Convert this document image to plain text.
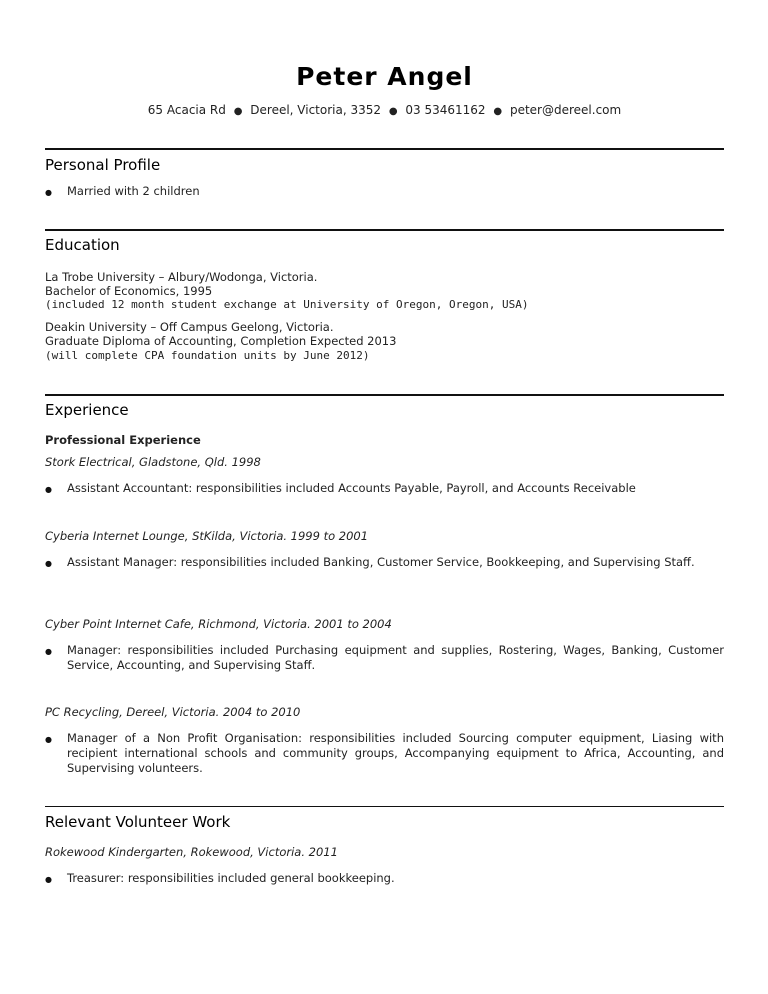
Peter Angel
65 Acacia Rd ● Dereel, Victoria, 3352 ● 03 53461162 ● peter@dereel.com
Personal Profile
● Married with 2 children
Education
La Trobe University – Albury/Wodonga, Victoria.
Bachelor of Economics, 1995
(included 12 month student exchange at University of Oregon, Oregon, USA)
Deakin University – Off Campus Geelong, Victoria.
Graduate Diploma of Accounting, Completion Expected 2013
(will complete CPA foundation units by June 2012)
Experience
Professional Experience
Stork Electrical, Gladstone, Qld. 1998
● Assistant Accountant: responsibilities included Accounts Payable, Payroll, and Accounts Receivable
Cyberia Internet Lounge, StKilda, Victoria. 1999 to 2001
● Assistant Manager: responsibilities included Banking, Customer Service, Bookkeeping, and Supervising Staff.
Cyber Point Internet Cafe, Richmond, Victoria. 2001 to 2004
● Manager: responsibilities included Purchasing equipment and supplies, Rostering, Wages, Banking, Customer Service, Accounting, and Supervising Staff.
PC Recycling, Dereel, Victoria. 2004 to 2010
● Manager of a Non Profit Organisation: responsibilities included Sourcing computer equipment, Liasing with recipient international schools and community groups, Accompanying equipment to Africa, Accounting, and Supervising volunteers.
Relevant Volunteer Work
Rokewood Kindergarten, Rokewood, Victoria. 2011
● Treasurer: responsibilities included general bookkeeping.
